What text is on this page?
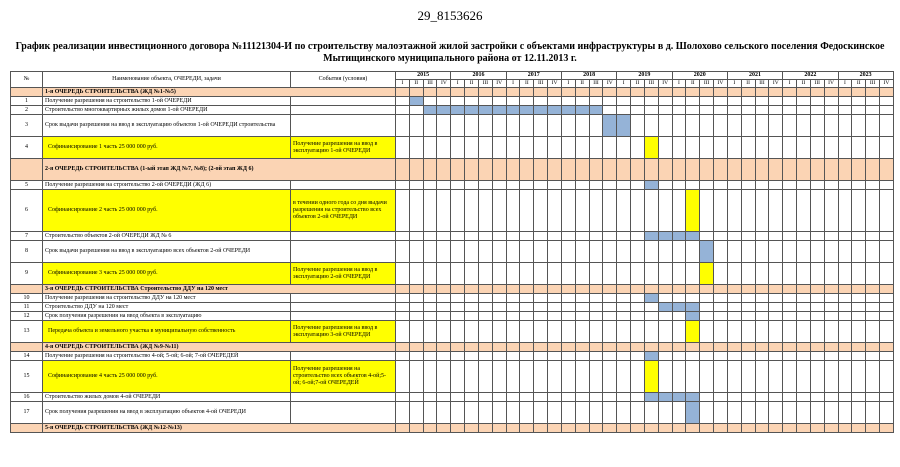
29_8153626
График реализации инвестиционного договора №11121304-И по строительству малоэтажной жилой застройки с объектами инфраструктуры в д. Шолохово сельского поселения Федоскинское
Мытищинского муниципального района от 12.11.2013 г.
№	Наименование объекта, ОЧЕРЕДИ, задачи	События (условия)	2015				2016				2017				2018				2019				2020				2021				2022				2023			
			I	II	III	IV	I	II	III	IV	I	II	III	IV	I	II	III	IV	I	II	III	IV	I	II	III	IV	I	II	III	IV	I	II	III	IV	I	II	III	IV
	1-я ОЧЕРЕДЬ СТРОИТЕЛЬСТВА (ЖД №1-№5)																																					
1	Получение разрешения на строительство 1-ой ОЧЕРЕДИ																																					
2	Строительство многоквартирных жилых домов 1-ой ОЧЕРЕДИ																																					
3	Срок выдачи разрешения на ввод в эксплуатацию объектов 1-ой ОЧЕРЕДИ строительства																																					
4	Софинансирование 1 часть 25 000 000 руб.	Получение разрешения на ввод в эксплуатацию 1-ой ОЧЕРЕДИ																																				
	2-я ОЧЕРЕДЬ СТРОИТЕЛЬСТВА (1-ый этап ЖД №7, №8); (2-ой этап ЖД 6)																																					
5	Получение разрешения на строительство 2-ой ОЧЕРЕДИ (ЖД 6)																																					
6	Софинансирование 2 часть 25 000 000 руб.	в течении одного года со дня выдачи разрешения на строительство всех объектов 2-ой ОЧЕРЕДИ																																				
7	Строительство объектов 2-ой ОЧЕРЕДИ ЖД № 6																																					
8	Срок выдачи разрешения на ввод в эксплуатацию всех объектов 2-ой ОЧЕРЕДИ																																					
9	Софинансирование 3 часть 25 000 000 руб.	Получение разрешения на ввод в эксплуатацию 2-ой ОЧЕРЕДИ																																				
	3-я ОЧЕРЕДЬ СТРОИТЕЛЬСТВА Строительство ДДУ на 120 мест																																					
10	Получение разрешения на строительство ДДУ на 120 мест																																					
11	Строительство ДДУ на 120 мест																																					
12	Срок получения разрешения на ввод объекта в эксплуатацию																																					
13	Передача объекта и земельного участка в муниципальную собственность	Получение разрешения на ввод в эксплуатацию 3-ой ОЧЕРЕДИ																																				
	4-я ОЧЕРЕДЬ СТРОИТЕЛЬСТВА (ЖД №9-№11)																																					
14	Получение разрешения на строительство 4-ой; 5-ой; 6-ой; 7-ой ОЧЕРЕДЕЙ																																					
15	Софинансирование 4 часть 25 000 000 руб.	Получение разрешения на строительство всех объектов 4-ой;5-ой; 6-ой;7-ой ОЧЕРЕДЕЙ																																				
16	Строительство жилых домов 4-ой ОЧЕРЕДИ																																					
17	Срок получения разрешения на ввод в эксплуатацию объектов 4-ой ОЧЕРЕДИ																																					
	5-я ОЧЕРЕДЬ СТРОИТЕЛЬСТВА (ЖД №12-№13)																																					
